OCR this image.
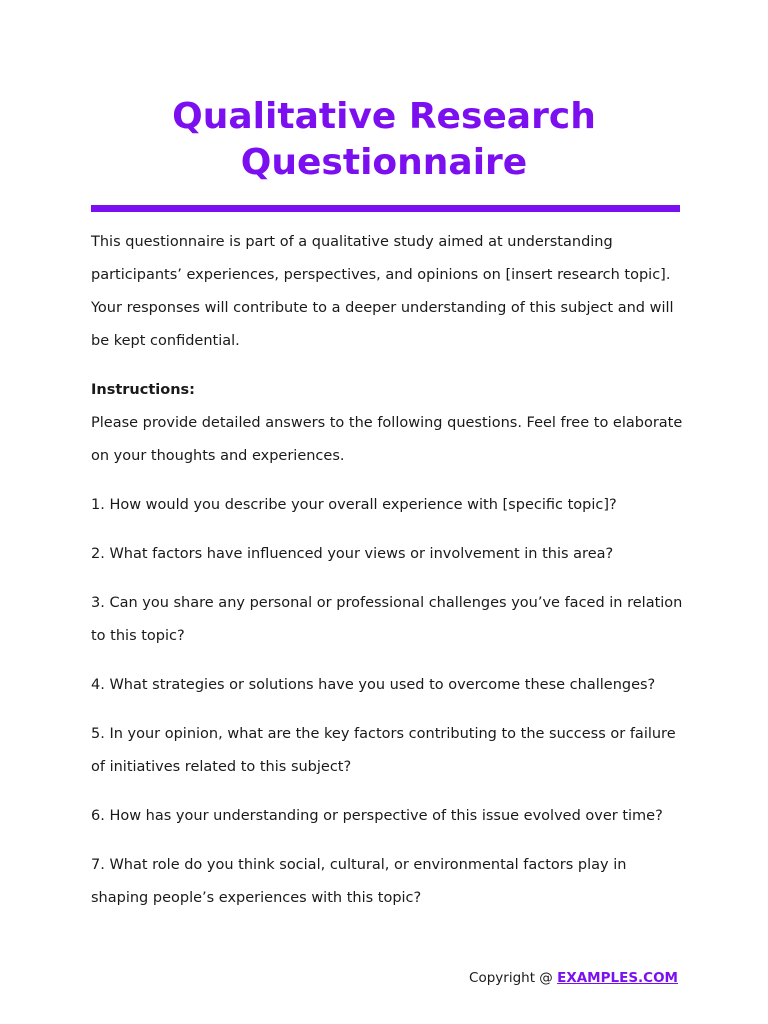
Qualitative Research
Questionnaire

This questionnaire is part of a qualitative study aimed at understanding participants’ experiences, perspectives, and opinions on [insert research topic]. Your responses will contribute to a deeper understanding of this subject and will be kept confidential.

Instructions:

Please provide detailed answers to the following questions. Feel free to elaborate on your thoughts and experiences.

1. How would you describe your overall experience with [specific topic]?

2. What factors have influenced your views or involvement in this area?

3. Can you share any personal or professional challenges you’ve faced in relation to this topic?

4. What strategies or solutions have you used to overcome these challenges?

5. In your opinion, what are the key factors contributing to the success or failure of initiatives related to this subject?

6. How has your understanding or perspective of this issue evolved over time?

7. What role do you think social, cultural, or environmental factors play in shaping people’s experiences with this topic?

Copyright @ EXAMPLES.COM
